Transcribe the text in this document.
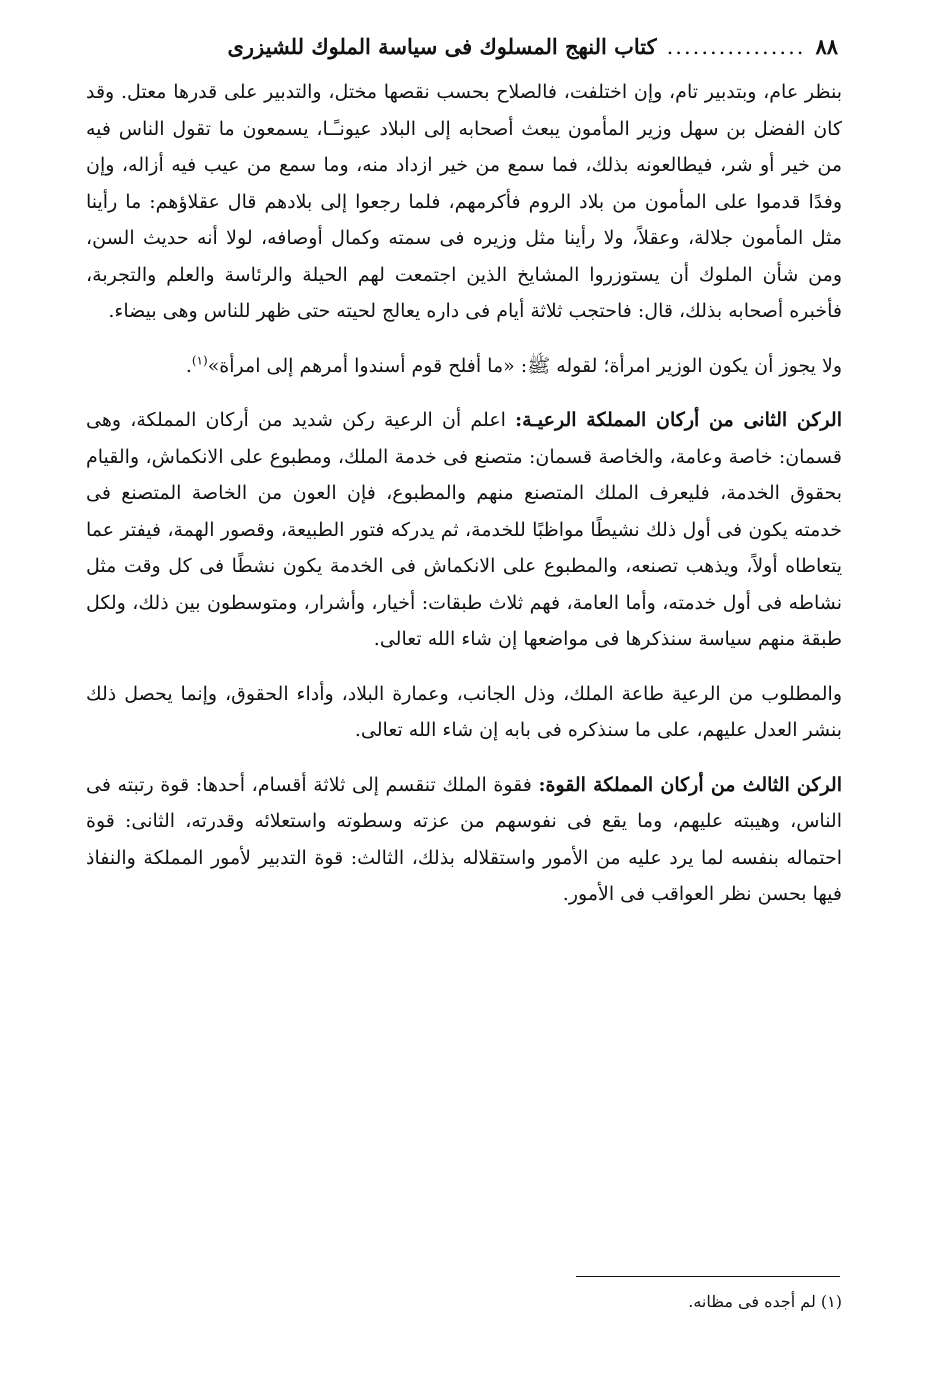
٨٨
................
كتاب النهج المسلوك فى سياسة الملوك للشيزرى

بنظر عام، وبتدبير تام، وإن اختلفت، فالصلاح بحسب نقصها مختل، والتدبير على قدرها معتل. وقد كان الفضل بن سهل وزير المأمون يبعث أصحابه إلى البلاد عيونـًـا، يسمعون ما تقول الناس فيه من خير أو شر، فيطالعونه بذلك، فما سمع من خير ازداد منه، وما سمع من عيب فيه أزاله، وإن وفدًا قدموا على المأمون من بلاد الروم فأكرمهم، فلما رجعوا إلى بلادهم قال عقلاؤهم: ما رأينا مثل المأمون جلالة، وعقلاً، ولا رأينا مثل وزيره فى سمته وكمال أوصافه، لولا أنه حديث السن، ومن شأن الملوك أن يستوزروا المشايخ الذين اجتمعت لهم الحيلة والرئاسة والعلم والتجربة، فأخبره أصحابه بذلك، قال: فاحتجب ثلاثة أيام فى داره يعالج لحيته حتى ظهر للناس وهى بيضاء.

ولا يجوز أن يكون الوزير امرأة؛ لقوله ﷺ: «ما أفلح قوم أسندوا أمرهم إلى امرأة»$^{(١)}$.

الركن الثانى من أركان المملكة الرعيـة: اعلم أن الرعية ركن شديد من أركان المملكة، وهى قسمان: خاصة وعامة، والخاصة قسمان: متصنع فى خدمة الملك، ومطبوع على الانكماش، والقيام بحقوق الخدمة، فليعرف الملك المتصنع منهم والمطبوع، فإن العون من الخاصة المتصنع فى خدمته يكون فى أول ذلك نشيطًا مواظبًا للخدمة، ثم يدركه فتور الطبيعة، وقصور الهمة، فيفتر عما يتعاطاه أولاً، ويذهب تصنعه، والمطبوع على الانكماش فى الخدمة يكون نشطًا فى كل وقت مثل نشاطه فى أول خدمته، وأما العامة، فهم ثلاث طبقات: أخيار، وأشرار، ومتوسطون بين ذلك، ولكل طبقة منهم سياسة سنذكرها فى مواضعها إن شاء الله تعالى.

والمطلوب من الرعية طاعة الملك، وذل الجانب، وعمارة البلاد، وأداء الحقوق، وإنما يحصل ذلك بنشر العدل عليهم، على ما سنذكره فى بابه إن شاء الله تعالى.

الركن الثالث من أركان المملكة القوة: فقوة الملك تنقسم إلى ثلاثة أقسام، أحدها: قوة رتبته فى الناس، وهيبته عليهم، وما يقع فى نفوسهم من عزته وسطوته واستعلائه وقدرته، الثانى: قوة احتماله بنفسه لما يرد عليه من الأمور واستقلاله بذلك، الثالث: قوة التدبير لأمور المملكة والنفاذ فيها بحسن نظر العواقب فى الأمور.

(١) لم أجده فى مظانه.
